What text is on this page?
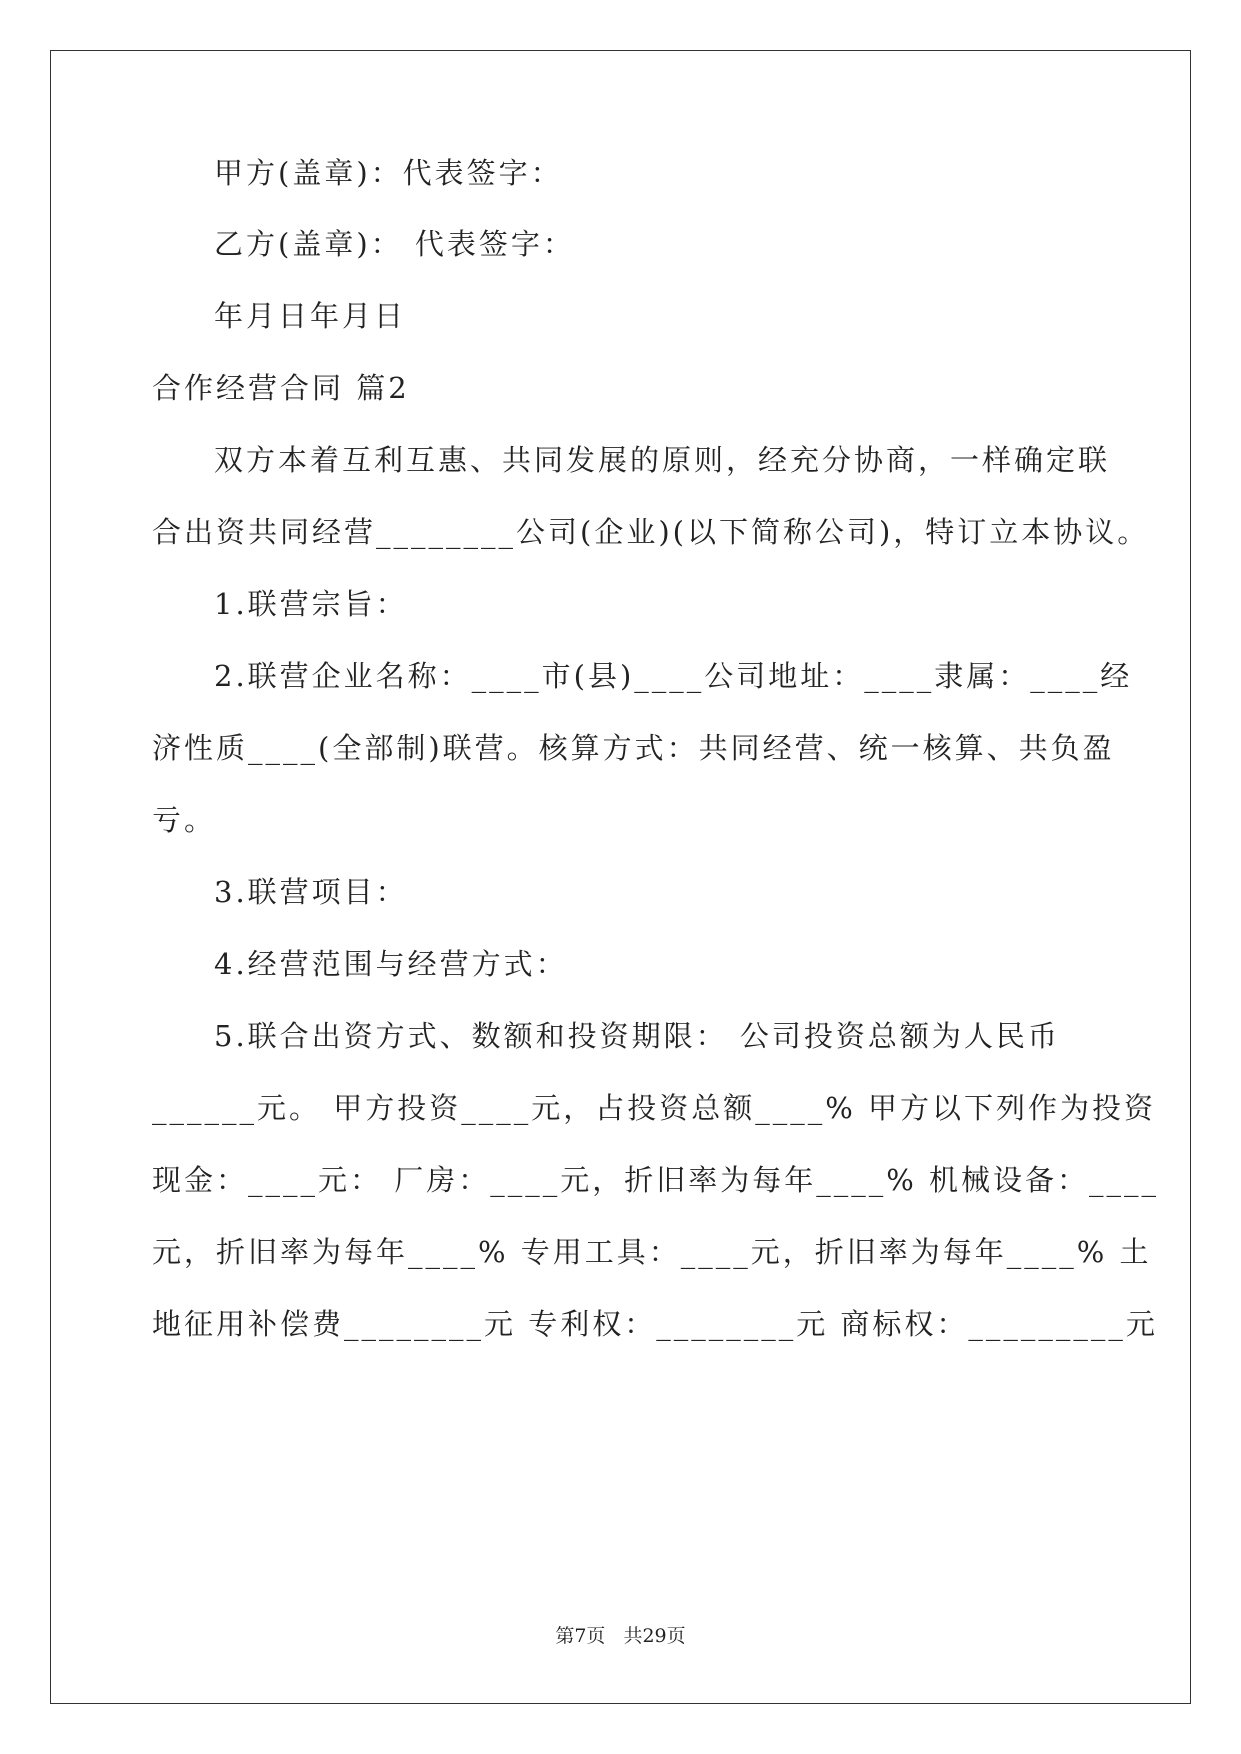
甲方(盖章)：代表签字：

乙方(盖章)： 代表签字：

年月日年月日

合作经营合同 篇2

双方本着互利互惠、共同发展的原则，经充分协商，一样确定联

合出资共同经营________公司(企业)(以下简称公司)，特订立本协议。

1.联营宗旨：

2.联营企业名称：____市(县)____公司地址：____隶属：____经

济性质____(全部制)联营。核算方式：共同经营、统一核算、共负盈

亏。

3.联营项目：

4.经营范围与经营方式：

5.联合出资方式、数额和投资期限： 公司投资总额为人民币

______元。 甲方投资____元，占投资总额____% 甲方以下列作为投资

现金：____元： 厂房：____元，折旧率为每年____% 机械设备：____

元，折旧率为每年____% 专用工具：____元，折旧率为每年____% 土

地征用补偿费________元 专利权：________元 商标权：_________元

第7页 共29页
